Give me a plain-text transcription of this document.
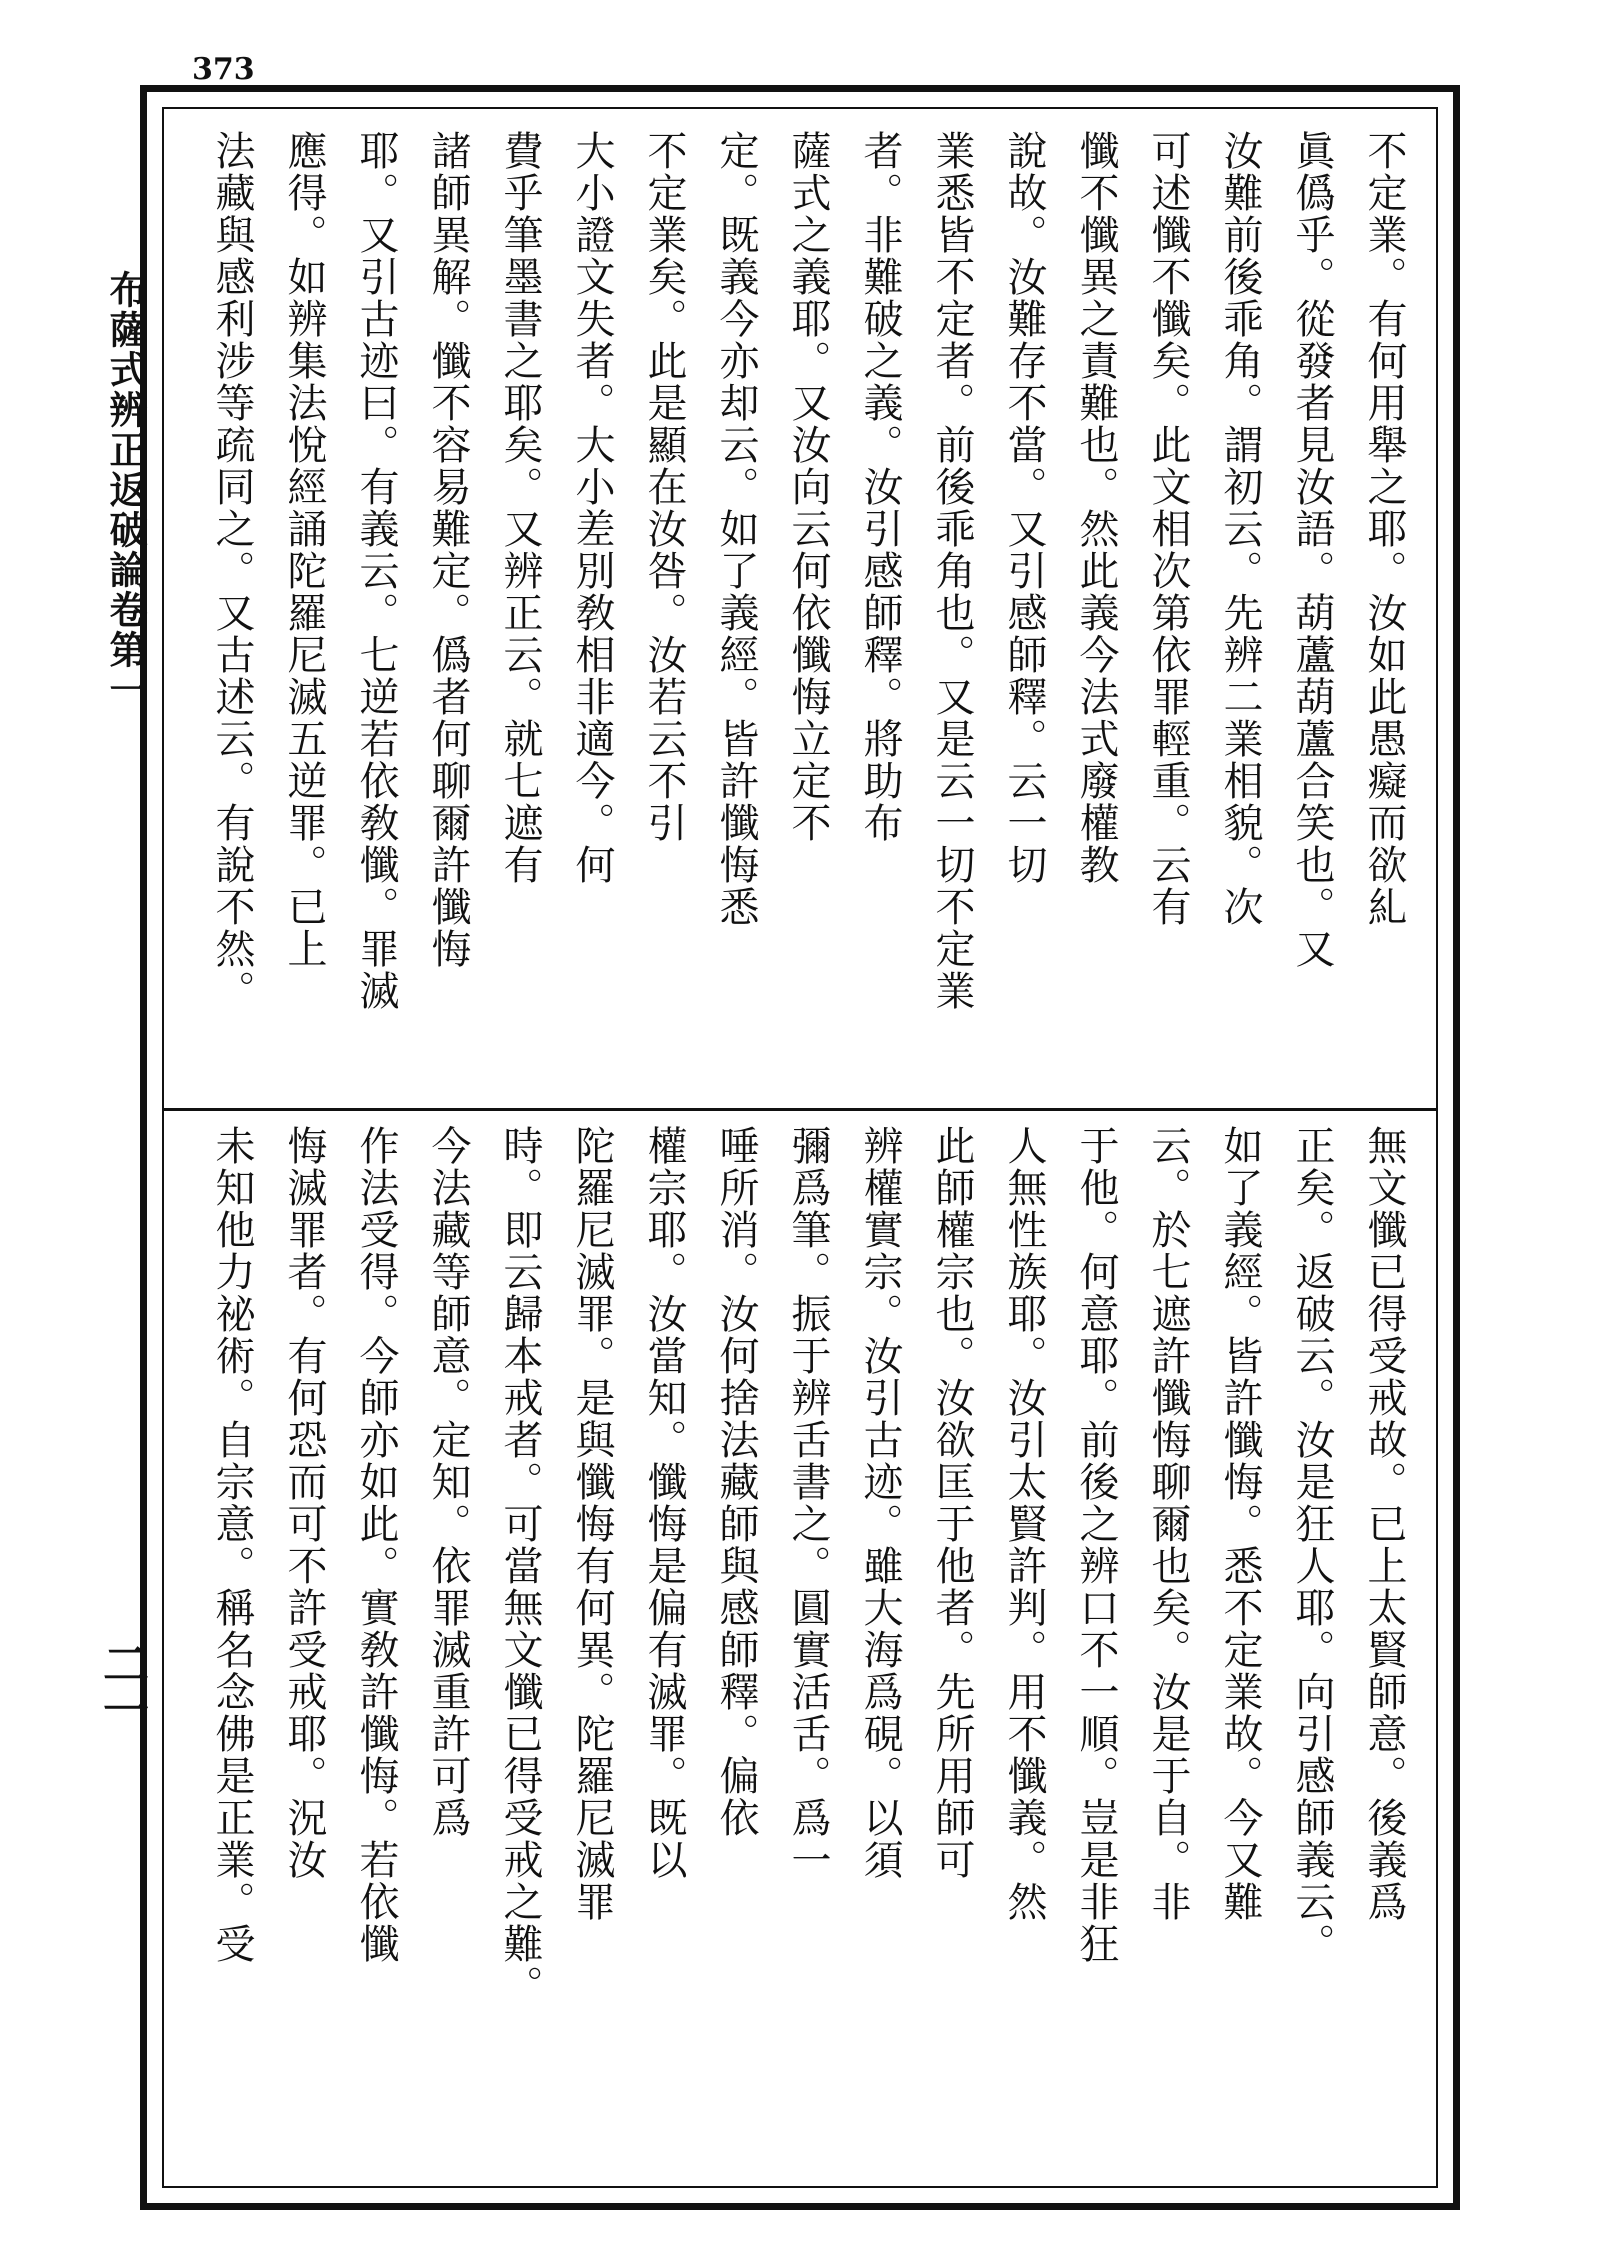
373
布薩式辨正返破論卷第一
二一
不定業。有何用舉之耶。汝如此愚癡而欲糺
眞僞乎。從發者見汝語。葫蘆葫蘆合笑也。又
汝難前後乖角。謂初云。先辨二業相貌。次
可述懺不懺矣。此文相次第依罪輕重。云有
懺不懺異之責難也。然此義今法式廢權教
說故。汝難存不當。又引感師釋。云一切
業悉皆不定者。前後乖角也。又是云一切不定業
者。非難破之義。汝引感師釋。將助布
薩式之義耶。又汝向云何依懺悔立定不
定。既義今亦却云。如了義經。皆許懺悔悉
不定業矣。此是顯在汝咎。汝若云不引
大小證文失者。大小差別敎相非適今。何
費乎筆墨書之耶矣。又辨正云。就七遮有
諸師異解。懺不容易難定。僞者何聊爾許懺悔
耶。又引古迹曰。有義云。七逆若依敎懺。罪滅
應得。如辨集法悅經誦陀羅尼滅五逆罪。已上
法藏與感利涉等疏同之。又古述云。有說不然。
無文懺已得受戒故。已上太賢師意。後義爲
正矣。返破云。汝是狂人耶。向引感師義云。
如了義經。皆許懺悔。悉不定業故。今又難
云。於七遮許懺悔聊爾也矣。汝是于自。非
于他。何意耶。前後之辨口不一順。豈是非狂
人無性族耶。汝引太賢許判。用不懺義。然
此師權宗也。汝欲匡于他者。先所用師可
辨權實宗。汝引古迹。雖大海爲硯。以須
彌爲筆。振于辨舌書之。圓實活舌。爲一
唾所消。汝何捨法藏師與感師釋。偏依
權宗耶。汝當知。懺悔是偏有滅罪。既以
陀羅尼滅罪。是與懺悔有何異。陀羅尼滅罪
時。即云歸本戒者。可當無文懺已得受戒之難。
今法藏等師意。定知。依罪滅重許可爲
作法受得。今師亦如此。實敎許懺悔。若依懺
悔滅罪者。有何恐而可不許受戒耶。況汝
未知他力祕術。自宗意。稱名念佛是正業。受
